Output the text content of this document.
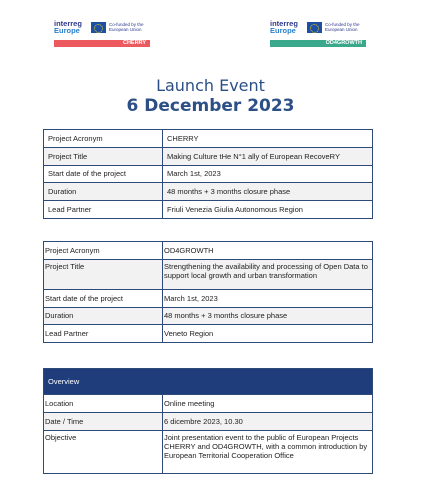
interreg
Europe
Co-funded by the European Union
CHERRY
interreg
Europe
Co-funded by the European Union
OD4GROWTH
Launch Event
6 December 2023
Project Acronym	CHERRY
Project Title	Making Culture tHe N°1 ally of European RecoveRY
Start date of the project	March 1st, 2023
Duration	48 months + 3 months closure phase
Lead Partner	Friuli Venezia Giulia Autonomous Region
Project Acronym	OD4GROWTH
Project Title	Strengthening the availability and processing of Open Data to support local growth and urban transformation
Start date of the project	March 1st, 2023
Duration	48 months + 3 months closure phase
Lead Partner	Veneto Region
Overview	
Location	Online meeting
Date / Time	6 dicembre 2023, 10.30
Objective	Joint presentation event to the public of European Projects CHERRY and OD4GROWTH, with a common introduction by European Territorial Cooperation Office
